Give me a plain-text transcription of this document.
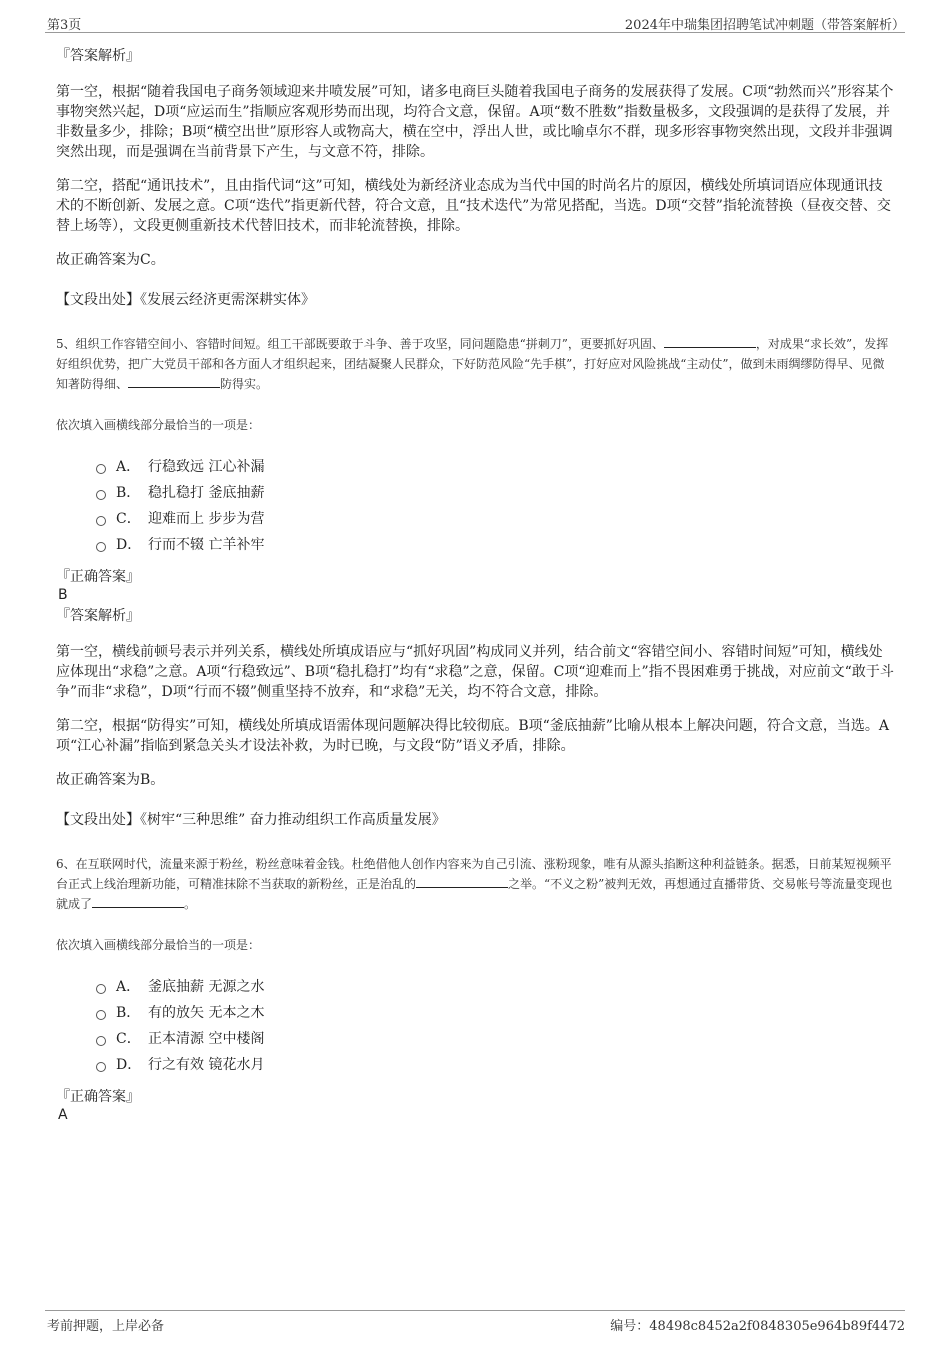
第3页	2024年中瑞集团招聘笔试冲刺题（带答案解析）

『答案解析』

第一空，根据“随着我国电子商务领域迎来井喷发展”可知，诸多电商巨头随着我国电子商务的发展获得了发展。C项“勃然而兴”形容某个事物突然兴起，D项“应运而生”指顺应客观形势而出现，均符合文意，保留。A项“数不胜数”指数量极多，文段强调的是获得了发展，并非数量多少，排除；B项“横空出世”原形容人或物高大，横在空中，浮出人世，或比喻卓尔不群，现多形容事物突然出现，文段并非强调突然出现，而是强调在当前背景下产生，与文意不符，排除。

第二空，搭配“通讯技术”，且由指代词“这”可知，横线处为新经济业态成为当代中国的时尚名片的原因，横线处所填词语应体现通讯技术的不断创新、发展之意。C项“迭代”指更新代替，符合文意，且“技术迭代”为常见搭配，当选。D项“交替”指轮流替换（昼夜交替、交替上场等），文段更侧重新技术代替旧技术，而非轮流替换，排除。

故正确答案为C。

【文段出处】《发展云经济更需深耕实体》

5、组织工作容错空间小、容错时间短。组工干部既要敢于斗争、善于攻坚，同问题隐患“拼刺刀”，更要抓好巩固、	，对成果“求长效”，发挥好组织优势，把广大党员干部和各方面人才组织起来，团结凝聚人民群众，下好防范风险“先手棋”，打好应对风险挑战“主动仗”，做到未雨绸缪防得早、见微知著防得细、	防得实。

依次填入画横线部分最恰当的一项是：

A． 行稳致远 江心补漏
B． 稳扎稳打 釜底抽薪
C． 迎难而上 步步为营
D． 行而不辍 亡羊补牢

『正确答案』

B

『答案解析』

第一空，横线前顿号表示并列关系，横线处所填成语应与“抓好巩固”构成同义并列，结合前文“容错空间小、容错时间短”可知，横线处应体现出“求稳”之意。A项“行稳致远”、B项“稳扎稳打”均有“求稳”之意，保留。C项“迎难而上”指不畏困难勇于挑战，对应前文“敢于斗争”而非“求稳”，D项“行而不辍”侧重坚持不放弃，和“求稳”无关，均不符合文意，排除。

第二空，根据“防得实”可知，横线处所填成语需体现问题解决得比较彻底。B项“釜底抽薪”比喻从根本上解决问题，符合文意，当选。A项“江心补漏”指临到紧急关头才设法补救，为时已晚，与文段“防”语义矛盾，排除。

故正确答案为B。

【文段出处】《树牢“三种思维” 奋力推动组织工作高质量发展》

6、在互联网时代，流量来源于粉丝，粉丝意味着金钱。杜绝借他人创作内容来为自己引流、涨粉现象，唯有从源头掐断这种利益链条。据悉，日前某短视频平台正式上线治理新功能，可精准抹除不当获取的新粉丝，正是治乱的	之举。“不义之粉”被判无效，再想通过直播带货、交易帐号等流量变现也就成了	。

依次填入画横线部分最恰当的一项是：

A． 釜底抽薪 无源之水
B． 有的放矢 无本之木
C． 正本清源 空中楼阁
D． 行之有效 镜花水月

『正确答案』

A

考前押题，上岸必备	编号：48498c8452a2f0848305e964b89f4472
